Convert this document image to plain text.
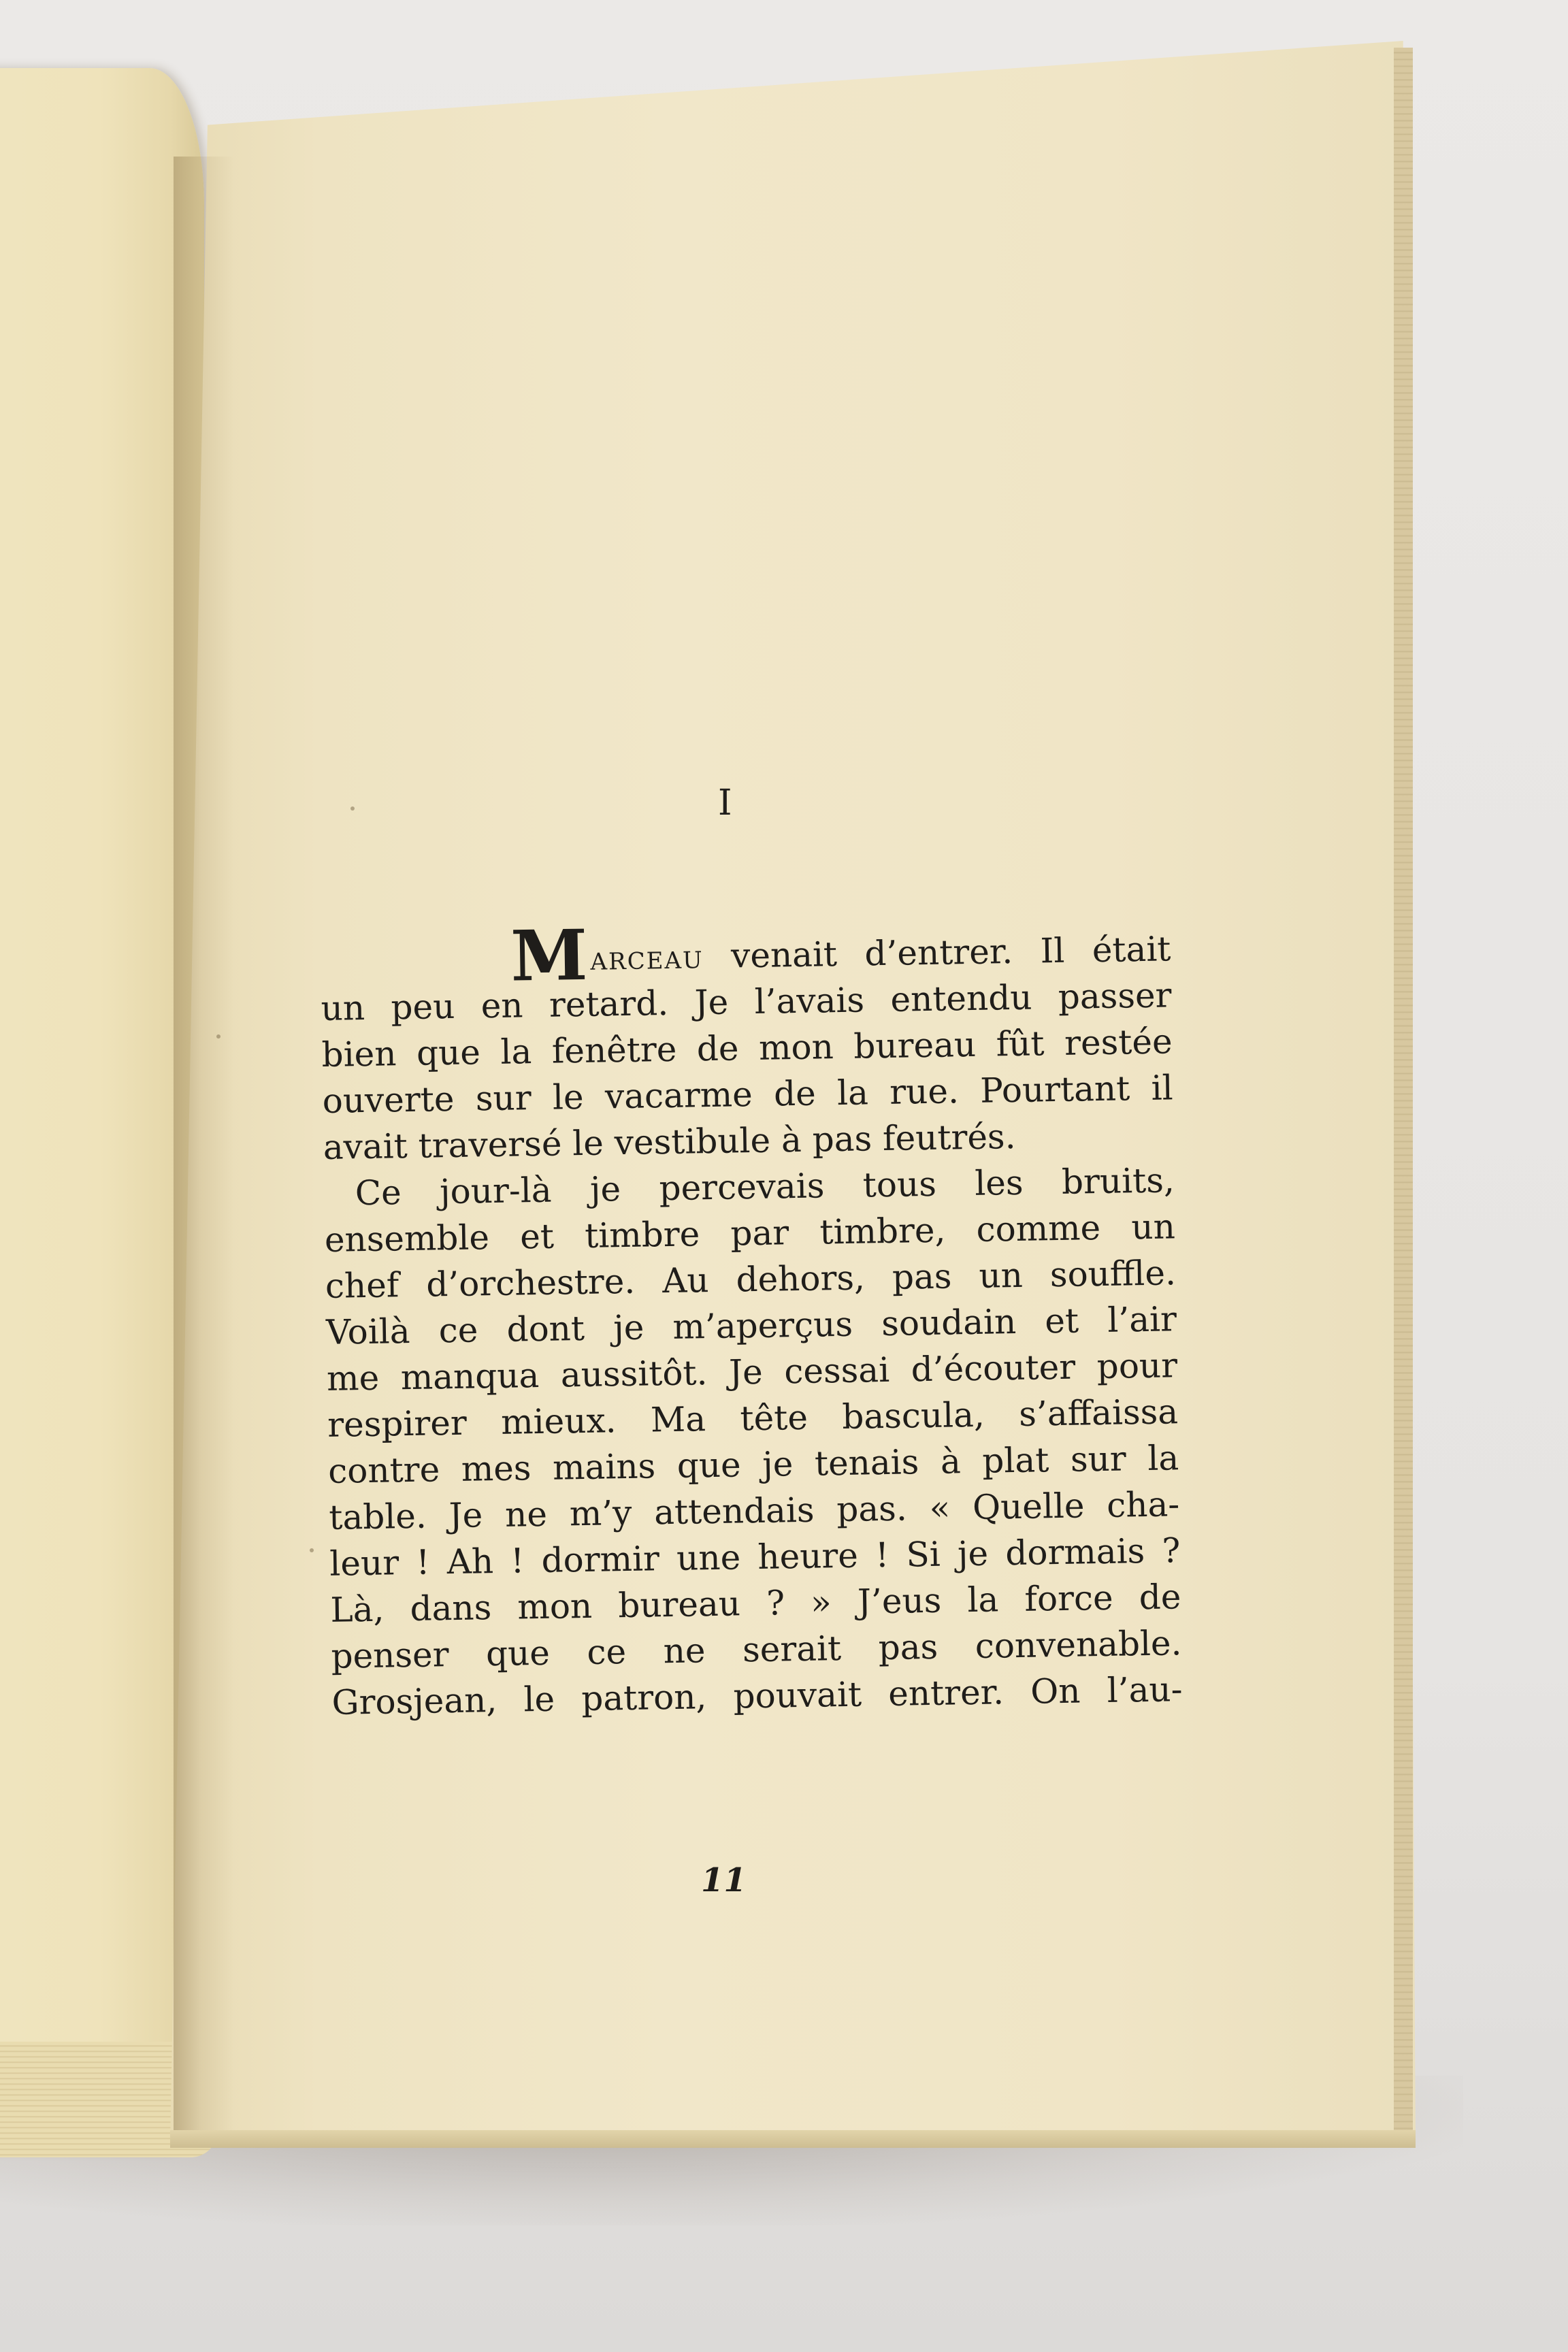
I
MARCEAU venait d’entrer. Il était
un peu en retard. Je l’avais entendu passer
bien que la fenêtre de mon bureau fût restée
ouverte sur le vacarme de la rue. Pourtant il
avait traversé le vestibule à pas feutrés.
Ce jour-là je percevais tous les bruits,
ensemble et timbre par timbre, comme un
chef d’orchestre. Au dehors, pas un souffle.
Voilà ce dont je m’aperçus soudain et l’air
me manqua aussitôt. Je cessai d’écouter pour
respirer mieux. Ma tête bascula, s’affaissa
contre mes mains que je tenais à plat sur la
table. Je ne m’y attendais pas. « Quelle cha-
leur ! Ah ! dormir une heure ! Si je dormais ?
Là, dans mon bureau ? » J’eus la force de
penser que ce ne serait pas convenable.
Grosjean, le patron, pouvait entrer. On l’au-
11
